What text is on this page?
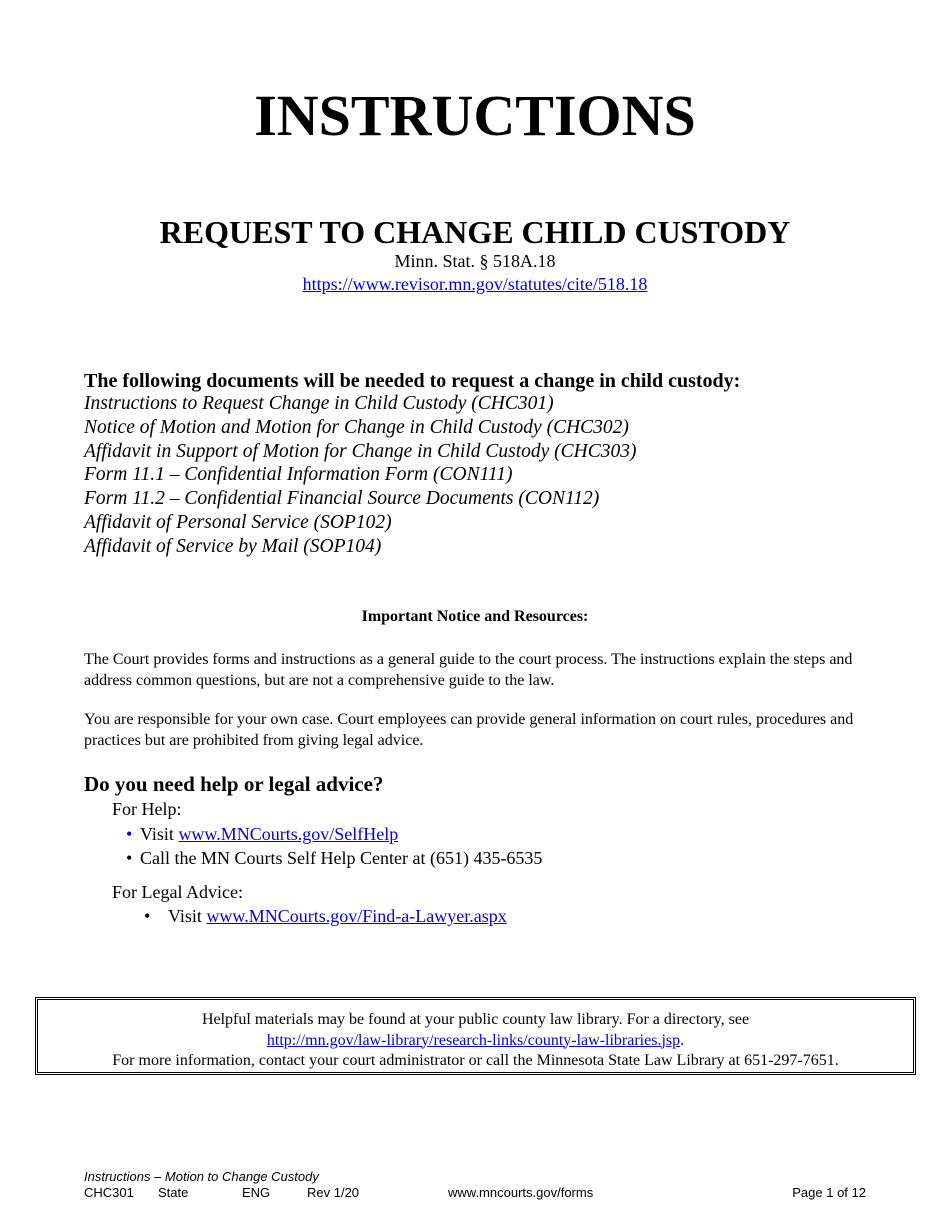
INSTRUCTIONS
REQUEST TO CHANGE CHILD CUSTODY
Minn. Stat. § 518A.18
https://www.revisor.mn.gov/statutes/cite/518.18
The following documents will be needed to request a change in child custody:
Instructions to Request Change in Child Custody (CHC301)
Notice of Motion and Motion for Change in Child Custody (CHC302)
Affidavit in Support of Motion for Change in Child Custody (CHC303)
Form 11.1 – Confidential Information Form (CON111)
Form 11.2 – Confidential Financial Source Documents (CON112)
Affidavit of Personal Service (SOP102)
Affidavit of Service by Mail (SOP104)
Important Notice and Resources:
The Court provides forms and instructions as a general guide to the court process. The instructions explain the steps and address common questions, but are not a comprehensive guide to the law.
You are responsible for your own case. Court employees can provide general information on court rules, procedures and practices but are prohibited from giving legal advice.
Do you need help or legal advice?
For Help:
• Visit www.MNCourts.gov/SelfHelp
• Call the MN Courts Self Help Center at (651) 435-6535
For Legal Advice:
• Visit www.MNCourts.gov/Find-a-Lawyer.aspx
Helpful materials may be found at your public county law library. For a directory, see
http://mn.gov/law-library/research-links/county-law-libraries.jsp.
For more information, contact your court administrator or call the Minnesota State Law Library at 651-297-7651.
Instructions – Motion to Change Custody
CHC301 State	ENG	Rev 1/20	www.mncourts.gov/forms	Page 1 of 12
